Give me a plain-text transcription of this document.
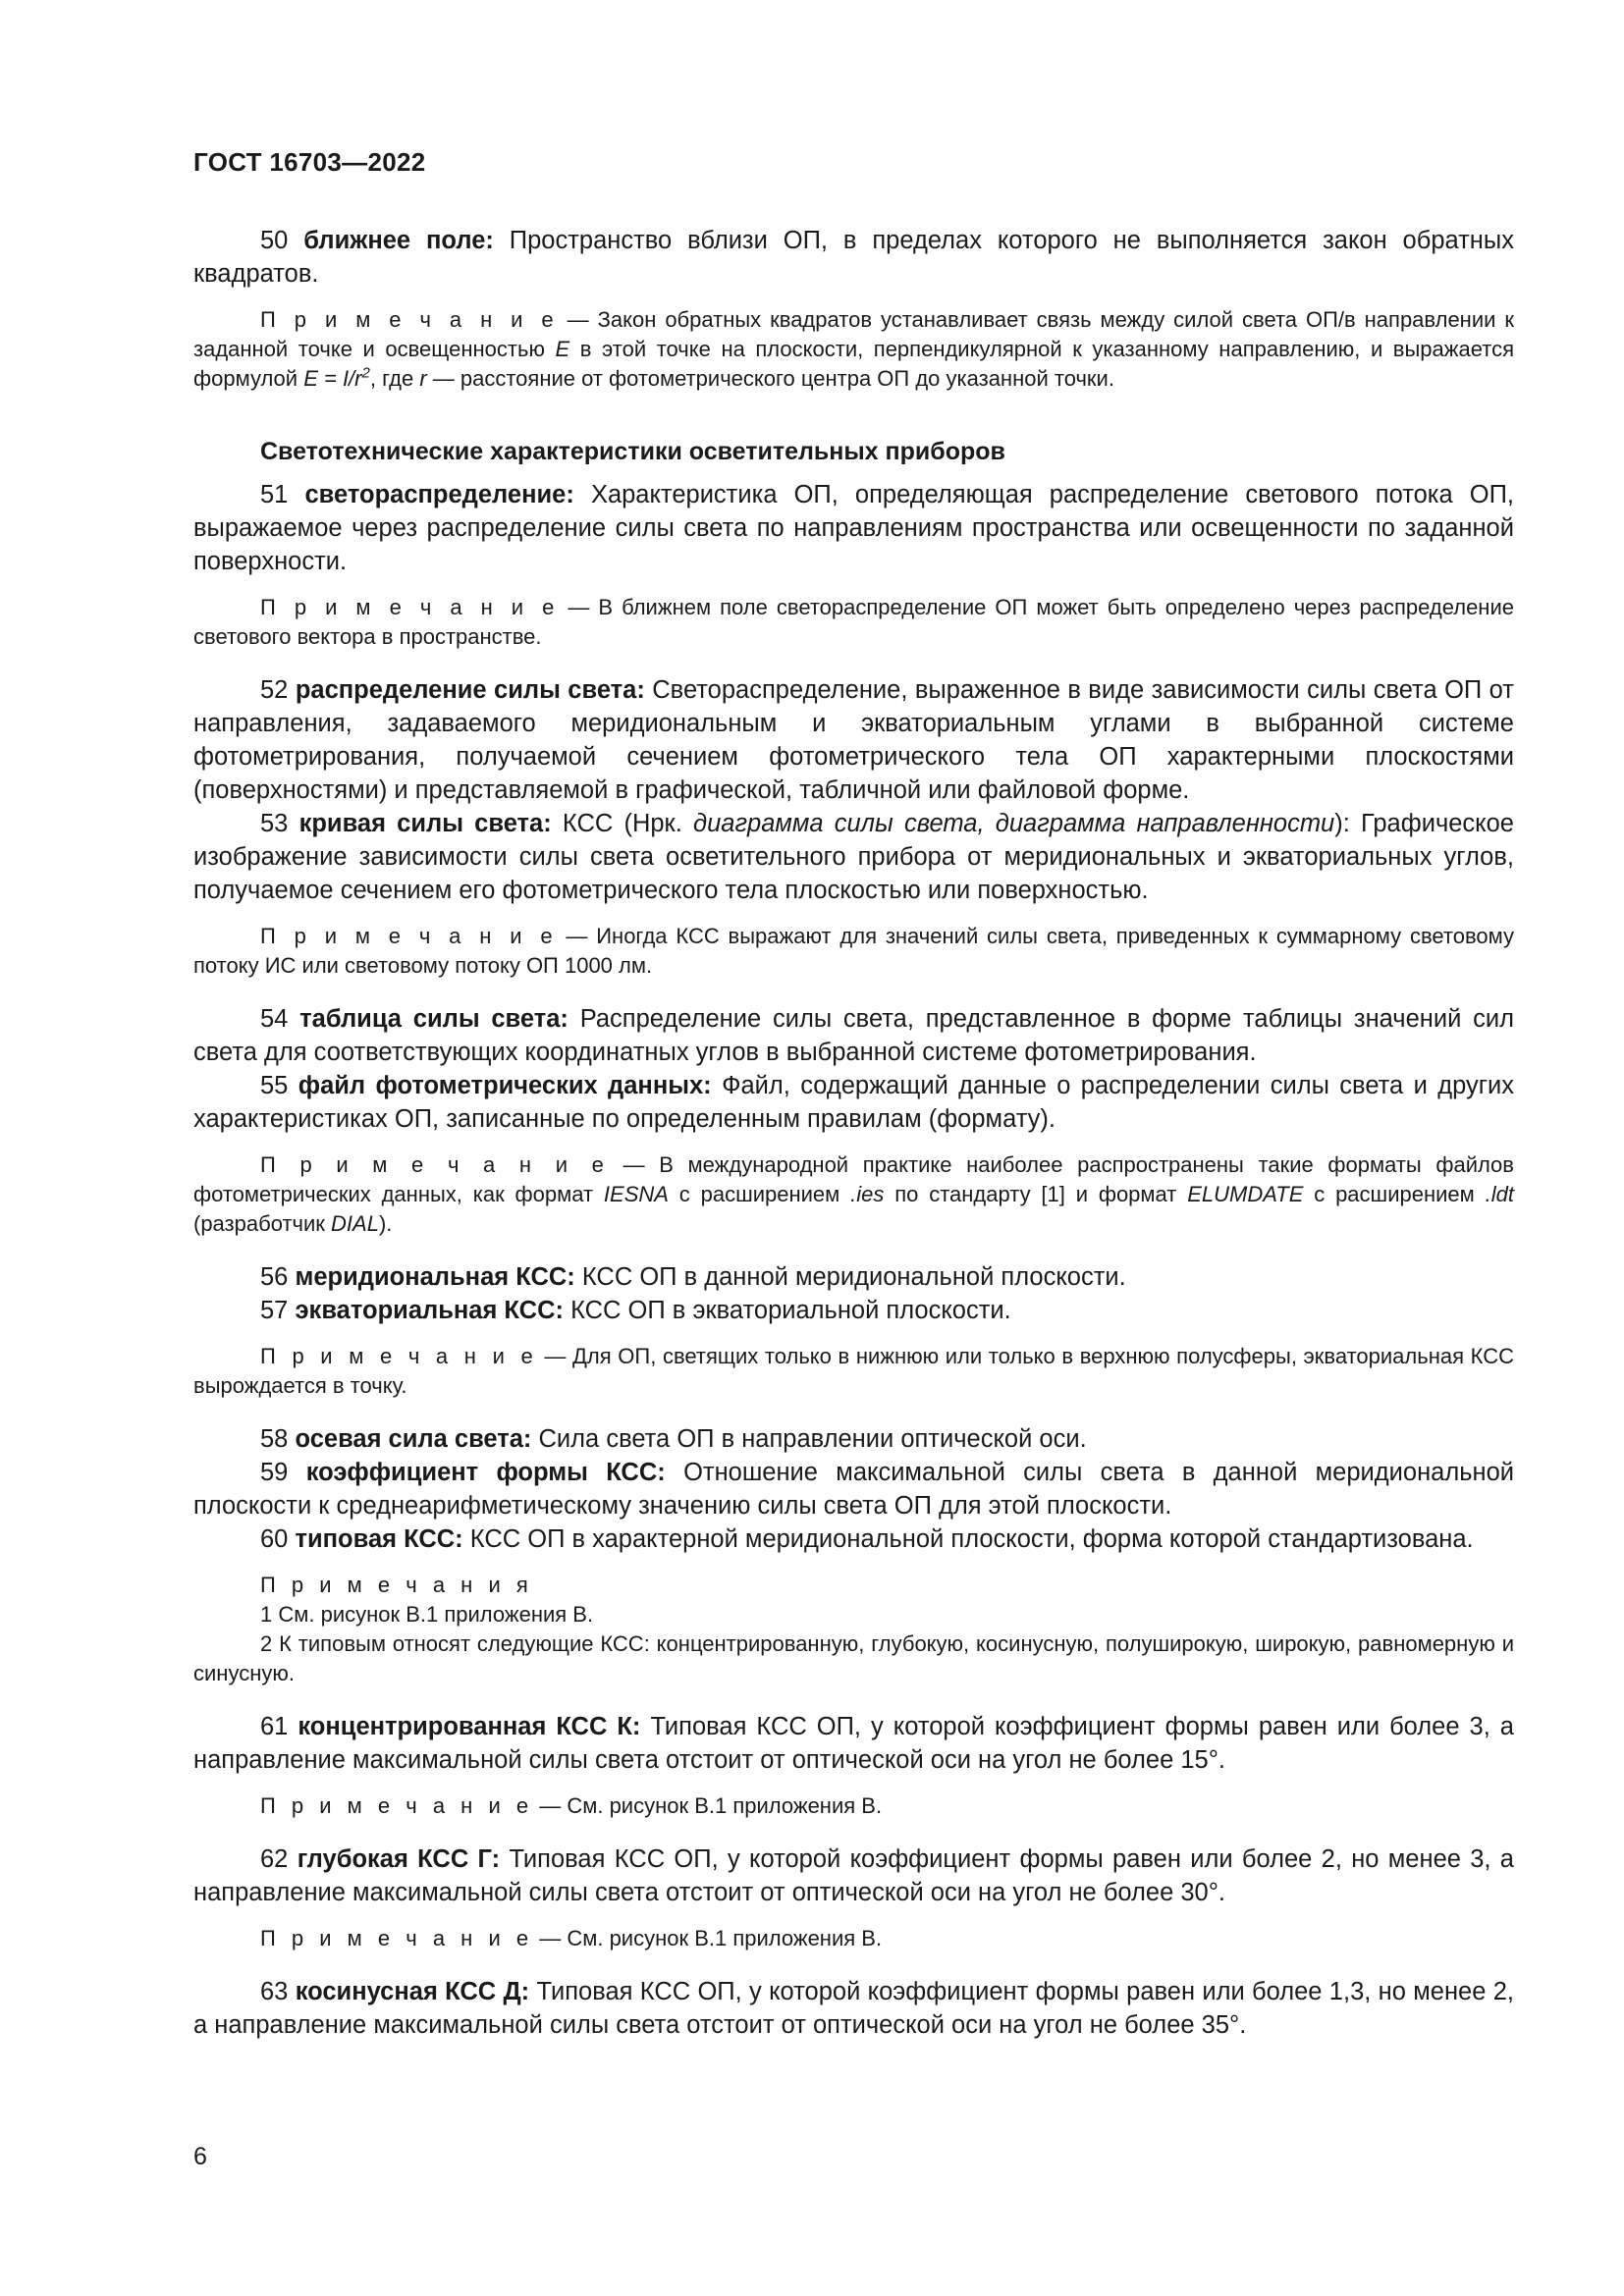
ГОСТ 16703—2022

50 ближнее поле: Пространство вблизи ОП, в пределах которого не выполняется закон обратных квадратов.

П р и м е ч а н и е — Закон обратных квадратов устанавливает связь между силой света ОП/в направлении к заданной точке и освещенностью E в этой точке на плоскости, перпендикулярной к указанному направлению, и выражается формулой $E = I/r^2$, где r — расстояние от фотометрического центра ОП до указанной точки.

Светотехнические характеристики осветительных приборов

51 светораспределение: Характеристика ОП, определяющая распределение светового потока ОП, выражаемое через распределение силы света по направлениям пространства или освещенности по заданной поверхности.

П р и м е ч а н и е — В ближнем поле светораспределение ОП может быть определено через распределение светового вектора в пространстве.

52 распределение силы света: Светораспределение, выраженное в виде зависимости силы света ОП от направления, задаваемого меридиональным и экваториальным углами в выбранной системе фотометрирования, получаемой сечением фотометрического тела ОП характерными плоскостями (поверхностями) и представляемой в графической, табличной или файловой форме.

53 кривая силы света: КСС (Нрк. диаграмма силы света, диаграмма направленности): Графическое изображение зависимости силы света осветительного прибора от меридиональных и экваториальных углов, получаемое сечением его фотометрического тела плоскостью или поверхностью.

П р и м е ч а н и е — Иногда КСС выражают для значений силы света, приведенных к суммарному световому потоку ИС или световому потоку ОП 1000 лм.

54 таблица силы света: Распределение силы света, представленное в форме таблицы значений сил света для соответствующих координатных углов в выбранной системе фотометрирования.

55 файл фотометрических данных: Файл, содержащий данные о распределении силы света и других характеристиках ОП, записанные по определенным правилам (формату).

П р и м е ч а н и е — В международной практике наиболее распространены такие форматы файлов фотометрических данных, как формат IESNA с расширением .ies по стандарту [1] и формат ELUMDATE с расширением .ldt (разработчик DIAL).

56 меридиональная КСС: КСС ОП в данной меридиональной плоскости.

57 экваториальная КСС: КСС ОП в экваториальной плоскости.

П р и м е ч а н и е — Для ОП, светящих только в нижнюю или только в верхнюю полусферы, экваториальная КСС вырождается в точку.

58 осевая сила света: Сила света ОП в направлении оптической оси.

59 коэффициент формы КСС: Отношение максимальной силы света в данной меридиональной плоскости к среднеарифметическому значению силы света ОП для этой плоскости.

60 типовая КСС: КСС ОП в характерной меридиональной плоскости, форма которой стандартизована.

П р и м е ч а н и я
1 См. рисунок В.1 приложения В.
2 К типовым относят следующие КСС: концентрированную, глубокую, косинусную, полуширокую, широкую, равномерную и синусную.

61 концентрированная КСС К: Типовая КСС ОП, у которой коэффициент формы равен или более 3, а направление максимальной силы света отстоит от оптической оси на угол не более 15°.

П р и м е ч а н и е — См. рисунок В.1 приложения В.

62 глубокая КСС Г: Типовая КСС ОП, у которой коэффициент формы равен или более 2, но менее 3, а направление максимальной силы света отстоит от оптической оси на угол не более 30°.

П р и м е ч а н и е — См. рисунок В.1 приложения В.

63 косинусная КСС Д: Типовая КСС ОП, у которой коэффициент формы равен или более 1,3, но менее 2, а направление максимальной силы света отстоит от оптической оси на угол не более 35°.

6
